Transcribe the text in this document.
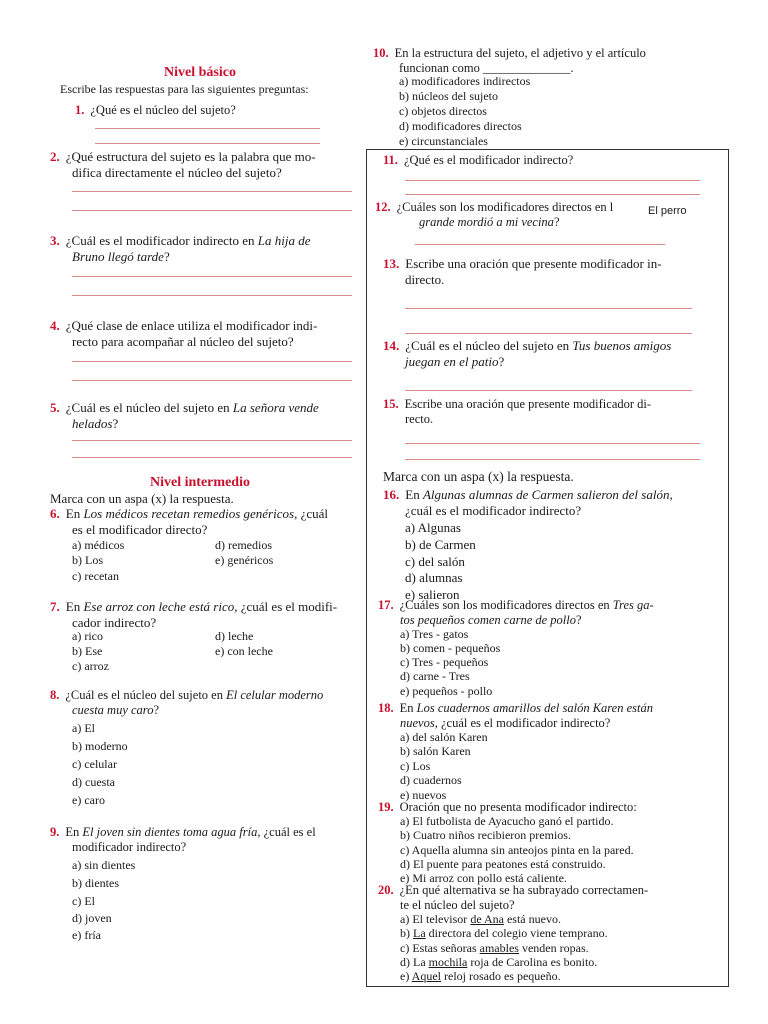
Nivel básico
Escribe las respuestas para las siguientes preguntas:
1. ¿Qué es el núcleo del sujeto?
2. ¿Qué estructura del sujeto es la palabra que mo-
difica directamente el núcleo del sujeto?
3. ¿Cuál es el modificador indirecto en La hija de
Bruno llegó tarde?
4. ¿Qué clase de enlace utiliza el modificador indi-
recto para acompañar al núcleo del sujeto?
5. ¿Cuál es el núcleo del sujeto en La señora vende
helados?
Nivel intermedio
Marca con un aspa (x) la respuesta.
6. En Los médicos recetan remedios genéricos, ¿cuál
es el modificador directo?
a) médicos	d) remedios
b) Los	e) genéricos
c) recetan
7. En Ese arroz con leche está rico, ¿cuál es el modifi-
cador indirecto?
a) rico	d) leche
b) Ese	e) con leche
c) arroz
8. ¿Cuál es el núcleo del sujeto en El celular moderno
cuesta muy caro?
a) El
b) moderno
c) celular
d) cuesta
e) caro
9. En El joven sin dientes toma agua fría, ¿cuál es el
modificador indirecto?
a) sin dientes
b) dientes
c) El
d) joven
e) fría
10. En la estructura del sujeto, el adjetivo y el artículo
funcionan como ______________.
a) modificadores indirectos
b) núcleos del sujeto
c) objetos directos
d) modificadores directos
e) circunstanciales
11. ¿Qué es el modificador indirecto?
12. ¿Cuáles son los modificadores directos en l
grande mordió a mi vecina?
El perro
13. Escribe una oración que presente modificador in-
directo.
14. ¿Cuál es el núcleo del sujeto en Tus buenos amigos
juegan en el patio?
15. Escribe una oración que presente modificador di-
recto.
Marca con un aspa (x) la respuesta.
16. En Algunas alumnas de Carmen salieron del salón,
¿cuál es el modificador indirecto?
a) Algunas
b) de Carmen
c) del salón
d) alumnas
e) salieron
17. ¿Cuáles son los modificadores directos en Tres ga-
tos pequeños comen carne de pollo?
a) Tres - gatos
b) comen - pequeños
c) Tres - pequeños
d) carne - Tres
e) pequeños - pollo
18. En Los cuadernos amarillos del salón Karen están
nuevos, ¿cuál es el modificador indirecto?
a) del salón Karen
b) salón Karen
c) Los
d) cuadernos
e) nuevos
19. Oración que no presenta modificador indirecto:
a) El futbolista de Ayacucho ganó el partido.
b) Cuatro niños recibieron premios.
c) Aquella alumna sin anteojos pinta en la pared.
d) El puente para peatones está construido.
e) Mi arroz con pollo está caliente.
20. ¿En qué alternativa se ha subrayado correctamen-
te el núcleo del sujeto?
a) El televisor de Ana está nuevo.
b) La directora del colegio viene temprano.
c) Estas señoras amables venden ropas.
d) La mochila roja de Carolina es bonito.
e) Aquel reloj rosado es pequeño.
